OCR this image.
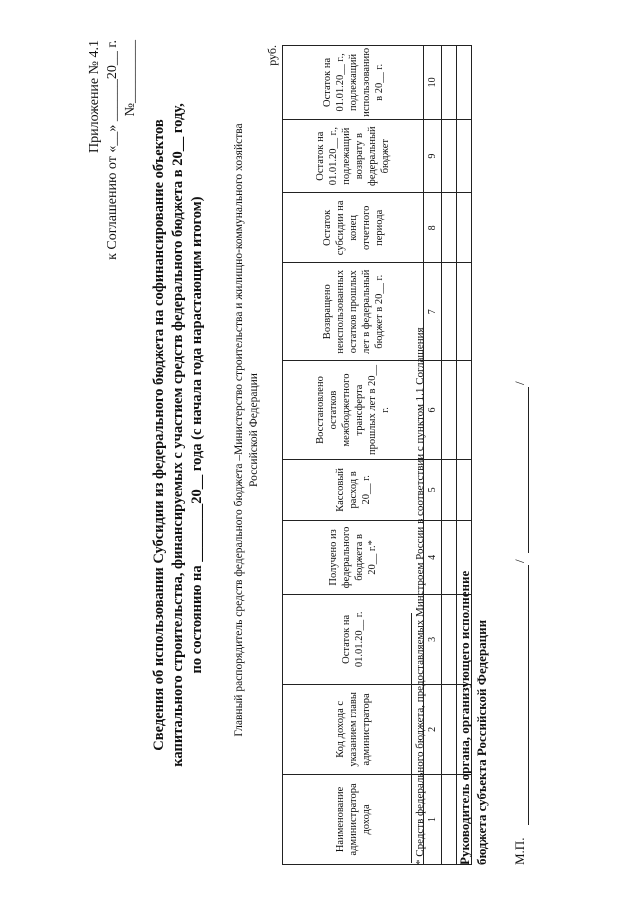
Приложение № 4.1 к Соглашению от «__» ______20__ г. №_________
Сведения об использовании Субсидии из федерального бюджета на софинансирование объектов капитального строительства, финансируемых с участием средств федерального бюджета в 20__ году, по состоянию на ________20__ года (с начала года нарастающим итогом) Главный распорядитель средств федерального бюджета –Министерство строительства и жилищно-коммунального хозяйства Российской Федерации
руб.
Наименование администратора дохода	Код дохода с указанием главы администратора	Остаток на 01.01.20__ г.	Получено из федерального бюджета в 20__ г.*	Кассовый расход в 20__ г.	Восстановлено остатков межбюджетного трансферта прошлых лет в 20__ г.	Возвращено неиспользованных остатков прошлых лет в федеральный бюджет в 20__ г.	Остаток субсидии на конец отчетного периода	Остаток на 01.01.20__ г., подлежащий возврату в федеральный бюджет	Остаток на 01.01.20__ г., подлежащий использованию в 20__ г.
1	2	3	4	5	6	7	8	9	10

* Средств федерального бюджета, предоставляемых Минстроем России в соответствии с пунктом 1.1 Соглашения Руководитель органа, организующего исполнение бюджета субъекта Российской Федерации М.П.
/
/
